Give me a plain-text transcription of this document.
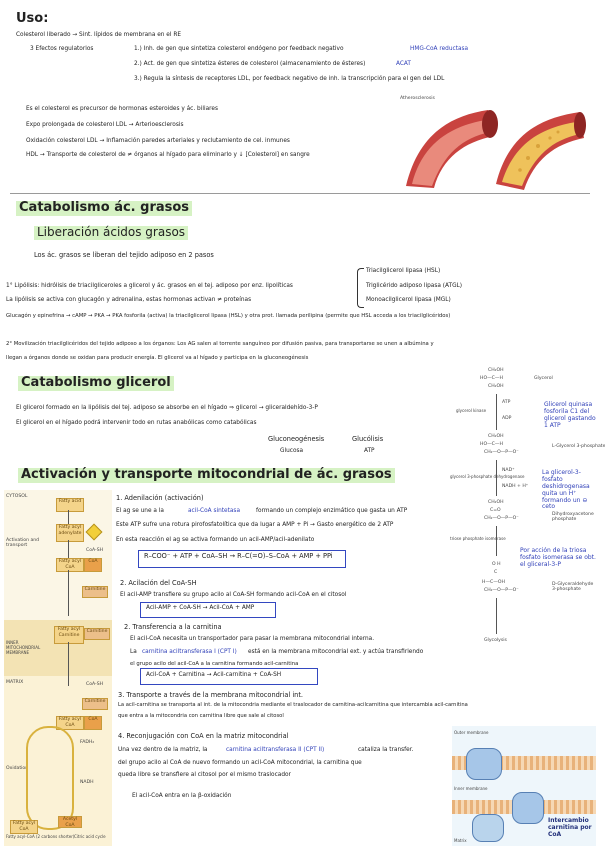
Uso:
Colesterol liberado → Sint. lípidos de membrana en el RE
3 Efectos regulatorios	1.) Inh. de gen que sintetiza colesterol endógeno por feedback negativo	HMG-CoA reductasa
2.) Act. de gen que sintetiza ésteres de colesterol (almacenamiento de ésteres)	ACAT
3.) Regula la síntesis de receptores LDL, por feedback negativo de inh. la transcripción para el gen del LDL
Es el colesterol es precursor de hormonas esteroides y ác. biliares
Expo prolongada de colesterol LDL → Arterioesclerosis
Oxidación colesterol LDL → Inflamación paredes arteriales y reclutamiento de cel. inmunes
HDL → Transporte de colesterol de ≠ órganos al hígado para eliminarlo y ↓ [Colesterol] en sangre
Atherosclerosis
Catabolismo ác. grasos
Liberación ácidos grasos
Los ác. grasos se liberan del tejido adiposo en 2 pasos
1° Lipólisis: hidrólisis de triacilgliceroles a glicerol y ác. grasos en el tej. adiposo por enz. lipolíticas
La lipólisis se activa con glucagón y adrenalina, estas hormonas activan ≠ proteínas
Triacilglicerol lipasa (HSL)
Triglicérido adiposo lipasa (ATGL)
Monoacilglicerol lipasa (MGL)
Glucagón y epinefrina → cAMP → PKA → PKA fosforila (activa) la triacilglicerol lipasa (HSL) y otra prot. llamada perilipina (permite que HSL acceda a los triacilglicéridos)
2° Movilización triacilglicéridos del tejido adiposo a los órganos: Los AG salen al torrente sanguíneo por difusión pasiva, para transportarse se unen a albúmina y
llegan a órganos donde se oxidan para producir energía. El glicerol va al hígado y participa en la gluconeogénesis
Catabolismo glicerol
El glicerol formado en la lipólisis del tej. adiposo se absorbe en el hígado ⇒ glicerol → gliceraldehído-3-P
El glicerol en el hígado podrá intervenir todo en rutas anabólicas como catabólicas
Gluconeogénesis	Glucólisis
Glucosa	ATP
CH₂OH
HO—C—H
CH₂OH
Glycerol
ATP
ADP
glycerol kinase
Glicerol quinasa fosforila C1 del glicerol gastando 1 ATP
CH₂OH
HO—C—H
CH₂—O—P—O⁻
L-Glycerol 3-phosphate
NAD⁺
NADH + H⁺
glycerol 3-phosphate dehydrogenase
La glicerol-3-fosfato deshidrogenasa quita un H⁺ formando un ⊖ ceto
CH₂OH
C=O
CH₂—O—P—O⁻
Dihydroxyacetone phosphate
triose phosphate isomerase
Por acción de la triosa fosfato isomerasa se obt. el gliceral-3-P
O H
C
H—C—OH
CH₂—O—P—O⁻
D-Glyceraldehyde 3-phosphate
Glycolysis
Activación y transporte mitocondrial de ác. grasos
CYTOSOL
Activation and transport
INNER MITOCHONDRIAL MEMBRANE
MATRIX
Oxidation
Fatty acid
Fatty acyl adenylate
CoA-SH
Fatty acyl CoA
CoA
Carnitine
Fatty acyl Carnitine
Carnitine
CoA-SH
Carnitine
Fatty acyl CoA
CoA
FADH₂
NADH
Acetyl CoA
Fatty acyl CoA
Fatty acyl-CoA (2 carbons shorter) Citric acid cycle
1. Adenilación (activación)
El ag se une a la	acil-CoA sintetasa	formando un complejo enzimático que gasta un ATP
Este ATP sufre una rotura pirofosfatolítica que da lugar a AMP + Pi → Gasto energético de 2 ATP
En esta reacción el ag se activa formando un acil-AMP/acil-adenilato
R–COO⁻ + ATP + CoA–SH → R–C(=O)–S–CoA + AMP + PPi
2. Acilación del CoA-SH
El acil-AMP transfiere su grupo acilo al CoA-SH formando acil-CoA en el citosol
Acil-AMP + CoA-SH → Acil-CoA + AMP
2. Transferencia a la carnitina
El acil-CoA necesita un transportador para pasar la membrana mitocondrial interna.
La carnitina aciltransferasa I (CPT I) está en la membrana mitocondrial ext. y actúa transfiriendo
el grupo acilo del acil-CoA a la carnitina formando acil-carnitina
Acil-CoA + Carnitina → Acil-carnitina + CoA-SH
3. Transporte a través de la membrana mitocondrial int.
La acil-carnitina se transporta al int. de la mitocondria mediante el traslocador de carnitina-acilcarnitina que intercambia acil-carnitina
que entra a la mitocondria con carnitina libre que sale al citosol
4. Reconjugación con CoA en la matriz mitocondrial
Una vez dentro de la matriz, la	carnitina aciltransferasa II (CPT II)	cataliza la transfer.
del grupo acilo al CoA de nuevo formando un acil-CoA mitocondrial, la carnitina que
queda libre se transfiere al citosol por el mismo traslocador
El acil-CoA entra en la β-oxidación
Outer membrane
Inner membrane
Matrix
Intercambio carnitina por CoA
